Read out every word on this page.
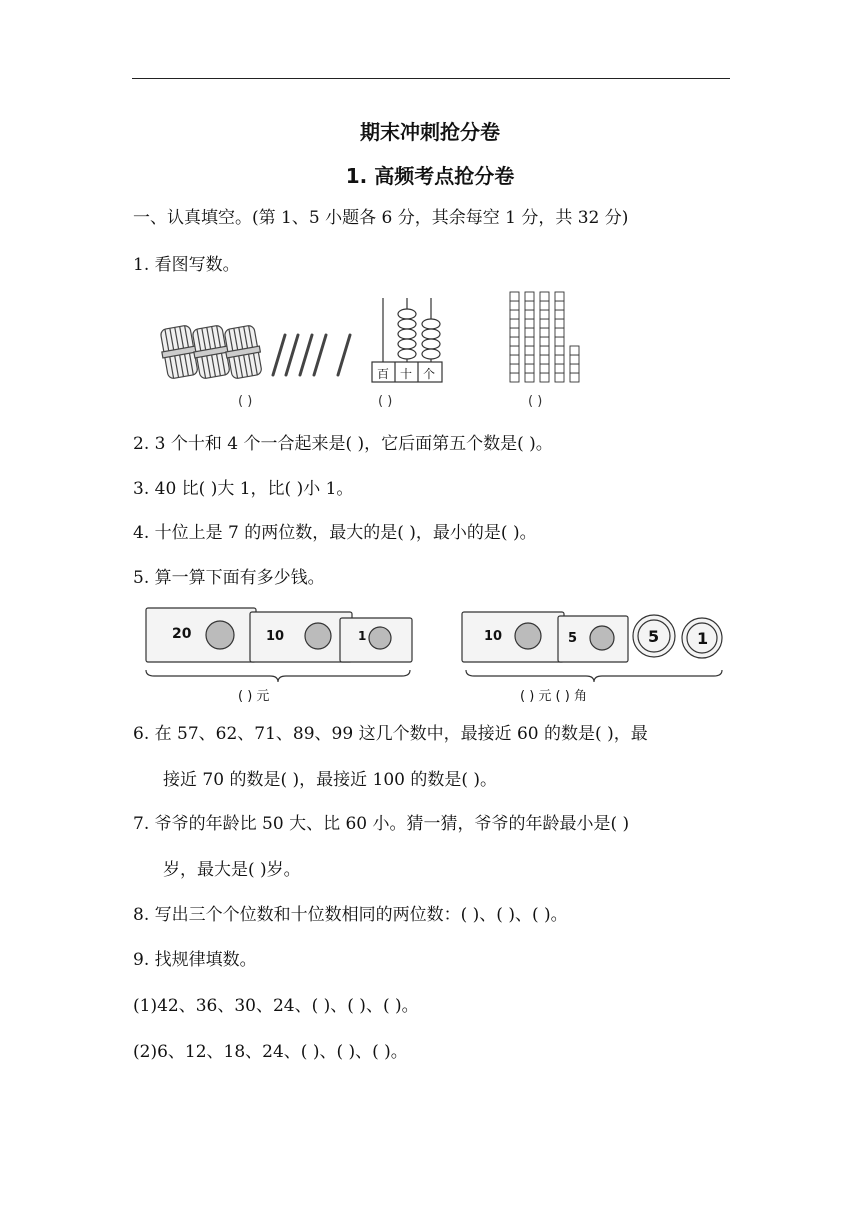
期末冲刺抢分卷
1. 高频考点抢分卷
一、认真填空。(第 1、5 小题各 6 分，其余每空 1 分，共 32 分)
1. 看图写数。
百 十 个
( )	( )	( )
2. 3 个十和 4 个一合起来是( )，它后面第五个数是( )。
3. 40 比( )大 1，比( )小 1。
4. 十位上是 7 的两位数，最大的是( )，最小的是( )。
5. 算一算下面有多少钱。
20	10	1
( ) 元
10	5	5 1
( ) 元 ( ) 角
6. 在 57、62、71、89、99 这几个数中，最接近 60 的数是( )，最
接近 70 的数是( )，最接近 100 的数是( )。
7. 爷爷的年龄比 50 大、比 60 小。猜一猜，爷爷的年龄最小是( )
岁，最大是( )岁。
8. 写出三个个位数和十位数相同的两位数：( )、( )、( )。
9. 找规律填数。
(1)42、36、30、24、( )、( )、( )。
(2)6、12、18、24、( )、( )、( )。
